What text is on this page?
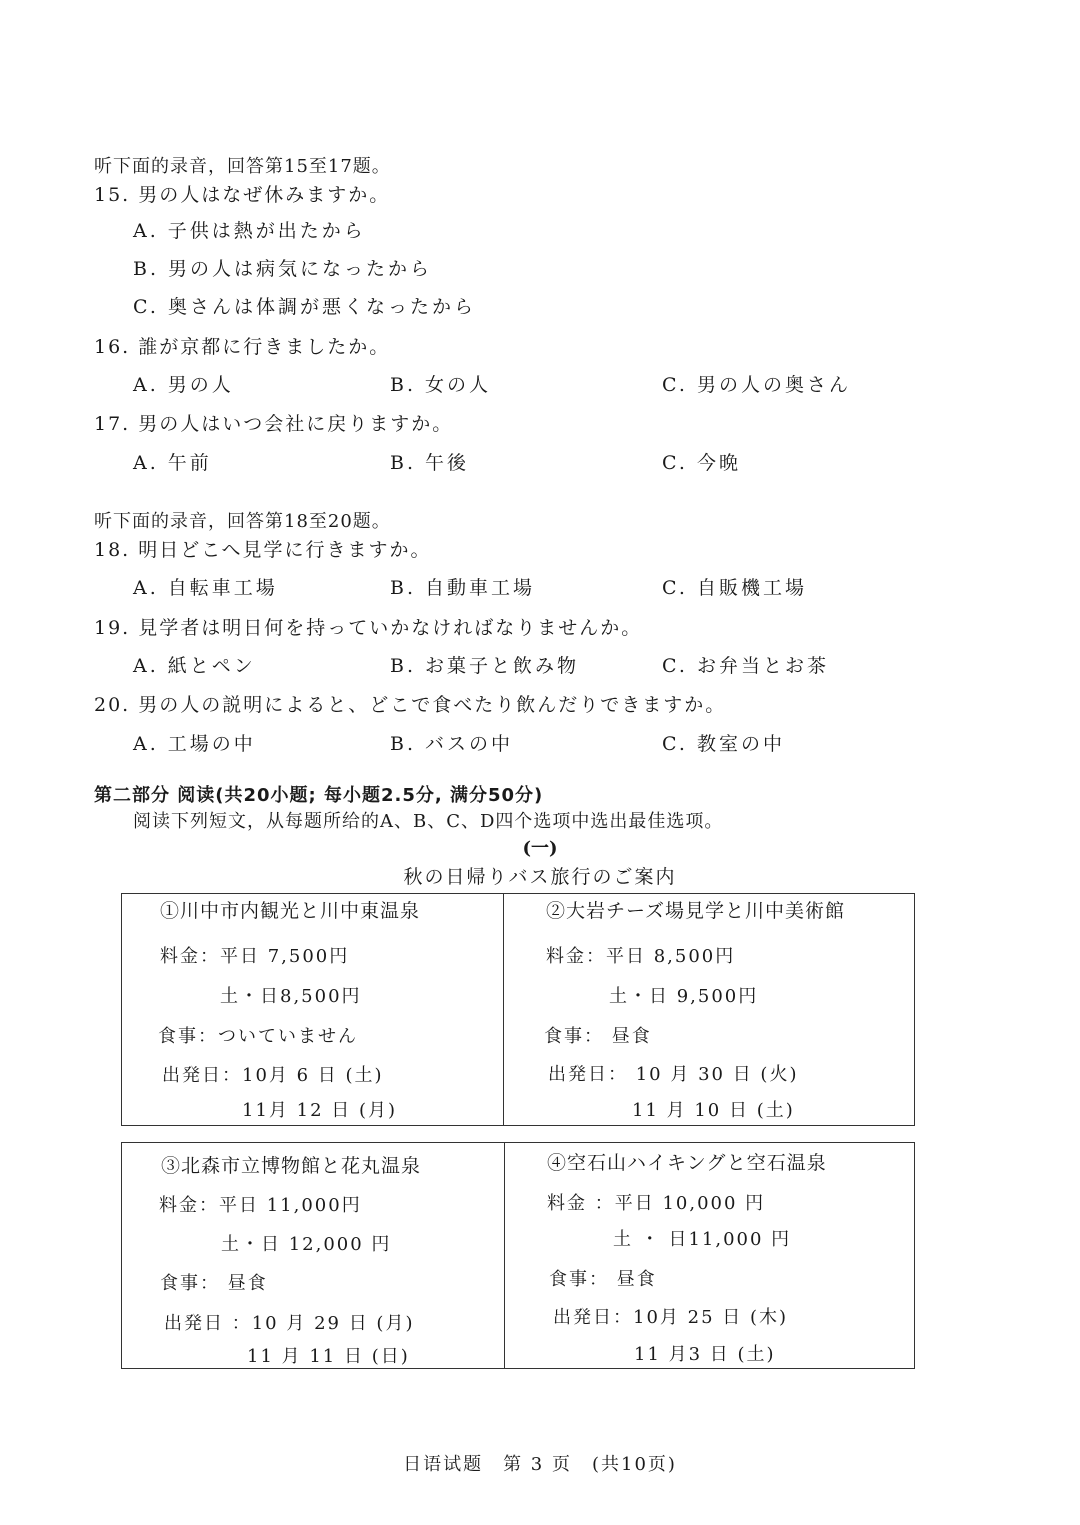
听下面的录音，回答第15至17题。
15. 男の人はなぜ休みますか。
A. 子供は熱が出たから
B. 男の人は病気になったから
C. 奥さんは体調が悪くなったから
16. 誰が京都に行きましたか。
A. 男の人	B. 女の人	C. 男の人の奥さん
17. 男の人はいつ会社に戻りますか。
A. 午前	B. 午後	C. 今晩
听下面的录音，回答第18至20题。
18. 明日どこへ見学に行きますか。
A. 自転車工場	B. 自動車工場	C. 自販機工場
19. 見学者は明日何を持っていかなければなりませんか。
A. 紙とペン	B. お菓子と飲み物	C. お弁当とお茶
20. 男の人の説明によると、どこで食べたり飲んだりできますか。
A. 工場の中	B. バスの中	C. 教室の中
第二部分 阅读(共20小题; 每小题2.5分, 满分50分)
阅读下列短文，从每题所给的A、B、C、D四个选项中选出最佳选项。
(一)
秋の日帰りバス旅行のご案内
①川中市内観光と川中東温泉
料金：平日 7,500円
土・日8,500円
食事：ついていません
出発日：10月 6 日 (土)
11月 12 日 (月)
②大岩チーズ場見学と川中美術館
料金：平日 8,500円
土・日 9,500円
食事： 昼食
出発日： 10 月 30 日 (火)
11 月 10 日 (土)
③北森市立博物館と花丸温泉
料金：平日 11,000円
土・日 12,000 円
食事： 昼食
出発日 ：10 月 29 日 (月)
11 月 11 日 (日)
④空石山ハイキングと空石温泉
料金 ：平日 10,000 円
土 ・ 日11,000 円
食事： 昼食
出発日：10月 25 日 (木)
11 月3 日 (土)
日语试题　第 3 页　(共10页)
